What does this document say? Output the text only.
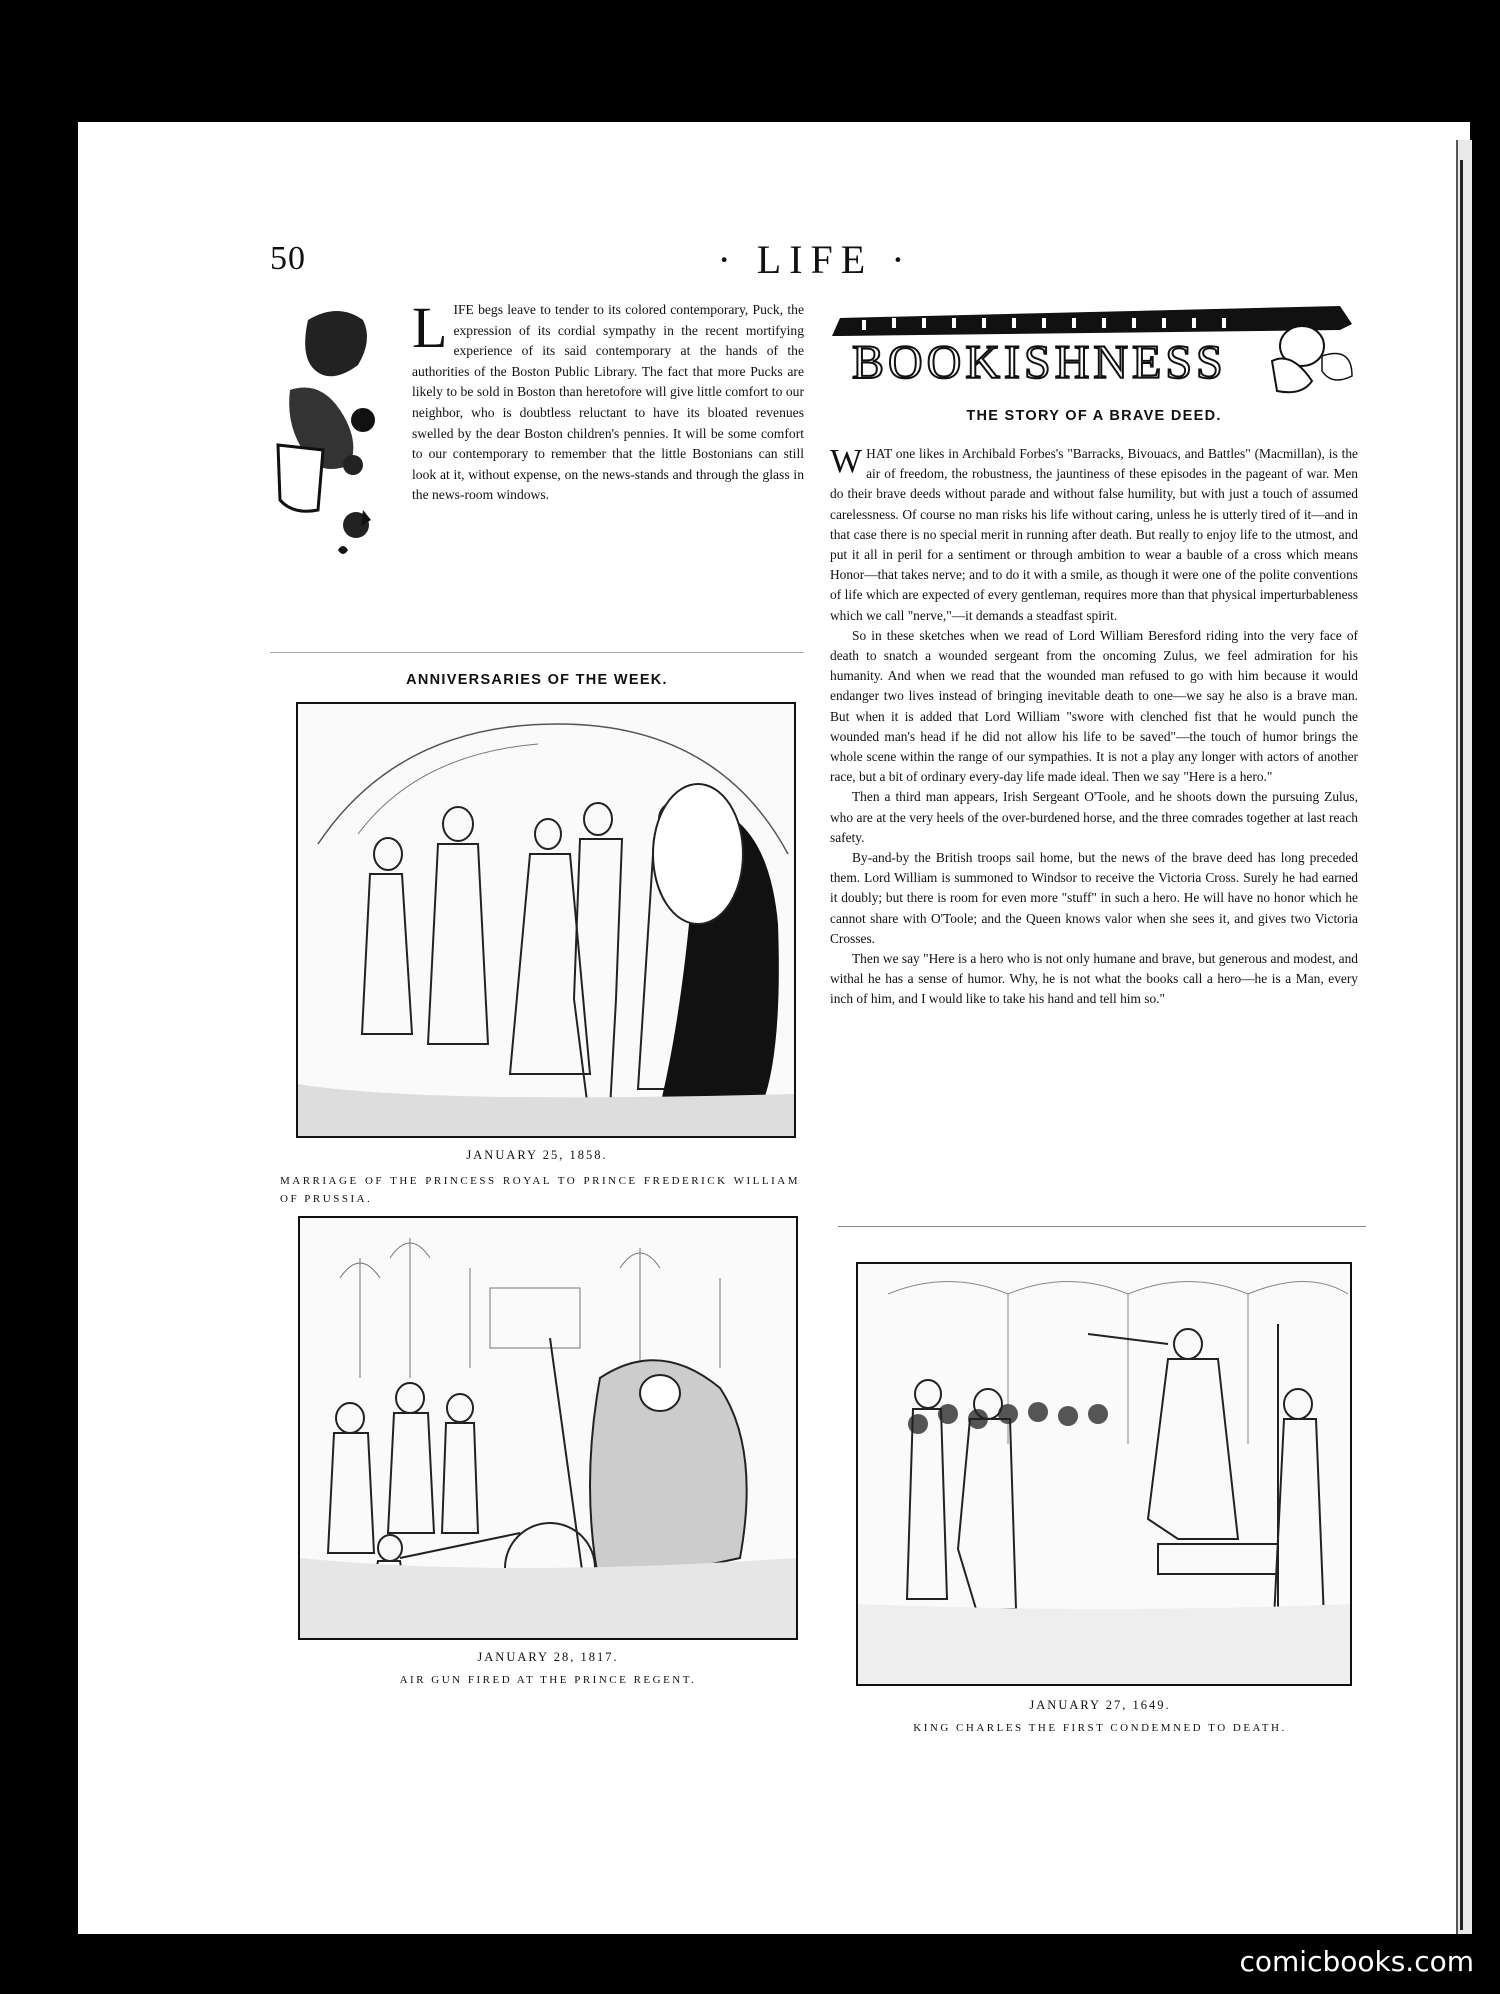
50	· LIFE ·
L IFE begs leave to tender to its colored contemporary, Puck, the expression of its cordial sympathy in the recent mortifying experience of its said contemporary at the hands of the authorities of the Boston Public Library. The fact that more Pucks are likely to be sold in Boston than heretofore will give little comfort to our neighbor, who is doubtless reluctant to have its bloated revenues swelled by the dear Boston children's pennies. It will be some comfort to our contemporary to remember that the little Bostonians can still look at it, without expense, on the news-stands and through the glass in the news-room windows.
ANNIVERSARIES OF THE WEEK.
JANUARY 25, 1858.
MARRIAGE OF THE PRINCESS ROYAL TO PRINCE FREDERICK WILLIAM OF PRUSSIA.
JANUARY 28, 1817.
AIR GUN FIRED AT THE PRINCE REGENT.
BOOKISHNESS
THE STORY OF A BRAVE DEED.

WHAT one likes in Archibald Forbes's "Barracks, Bivouacs, and Battles" (Macmillan), is the air of freedom, the robustness, the jauntiness of these episodes in the pageant of war. Men do their brave deeds without parade and without false humility, but with just a touch of assumed carelessness. Of course no man risks his life without caring, unless he is utterly tired of it—and in that case there is no special merit in running after death. But really to enjoy life to the utmost, and put it all in peril for a sentiment or through ambition to wear a bauble of a cross which means Honor—that takes nerve; and to do it with a smile, as though it were one of the polite conventions of life which are expected of every gentleman, requires more than that physical imperturbableness which we call "nerve,"—it demands a steadfast spirit.

So in these sketches when we read of Lord William Beresford riding into the very face of death to snatch a wounded sergeant from the oncoming Zulus, we feel admiration for his humanity. And when we read that the wounded man refused to go with him because it would endanger two lives instead of bringing inevitable death to one—we say he also is a brave man. But when it is added that Lord William "swore with clenched fist that he would punch the wounded man's head if he did not allow his life to be saved"—the touch of humor brings the whole scene within the range of our sympathies. It is not a play any longer with actors of another race, but a bit of ordinary every-day life made ideal. Then we say "Here is a hero."

Then a third man appears, Irish Sergeant O'Toole, and he shoots down the pursuing Zulus, who are at the very heels of the over-burdened horse, and the three comrades together at last reach safety.

By-and-by the British troops sail home, but the news of the brave deed has long preceded them. Lord William is summoned to Windsor to receive the Victoria Cross. Surely he had earned it doubly; but there is room for even more "stuff" in such a hero. He will have no honor which he cannot share with O'Toole; and the Queen knows valor when she sees it, and gives two Victoria Crosses.

Then we say "Here is a hero who is not only humane and brave, but generous and modest, and withal he has a sense of humor. Why, he is not what the books call a hero—he is a Man, every inch of him, and I would like to take his hand and tell him so."

JANUARY 27, 1649.
KING CHARLES THE FIRST CONDEMNED TO DEATH.
comicbooks.com
